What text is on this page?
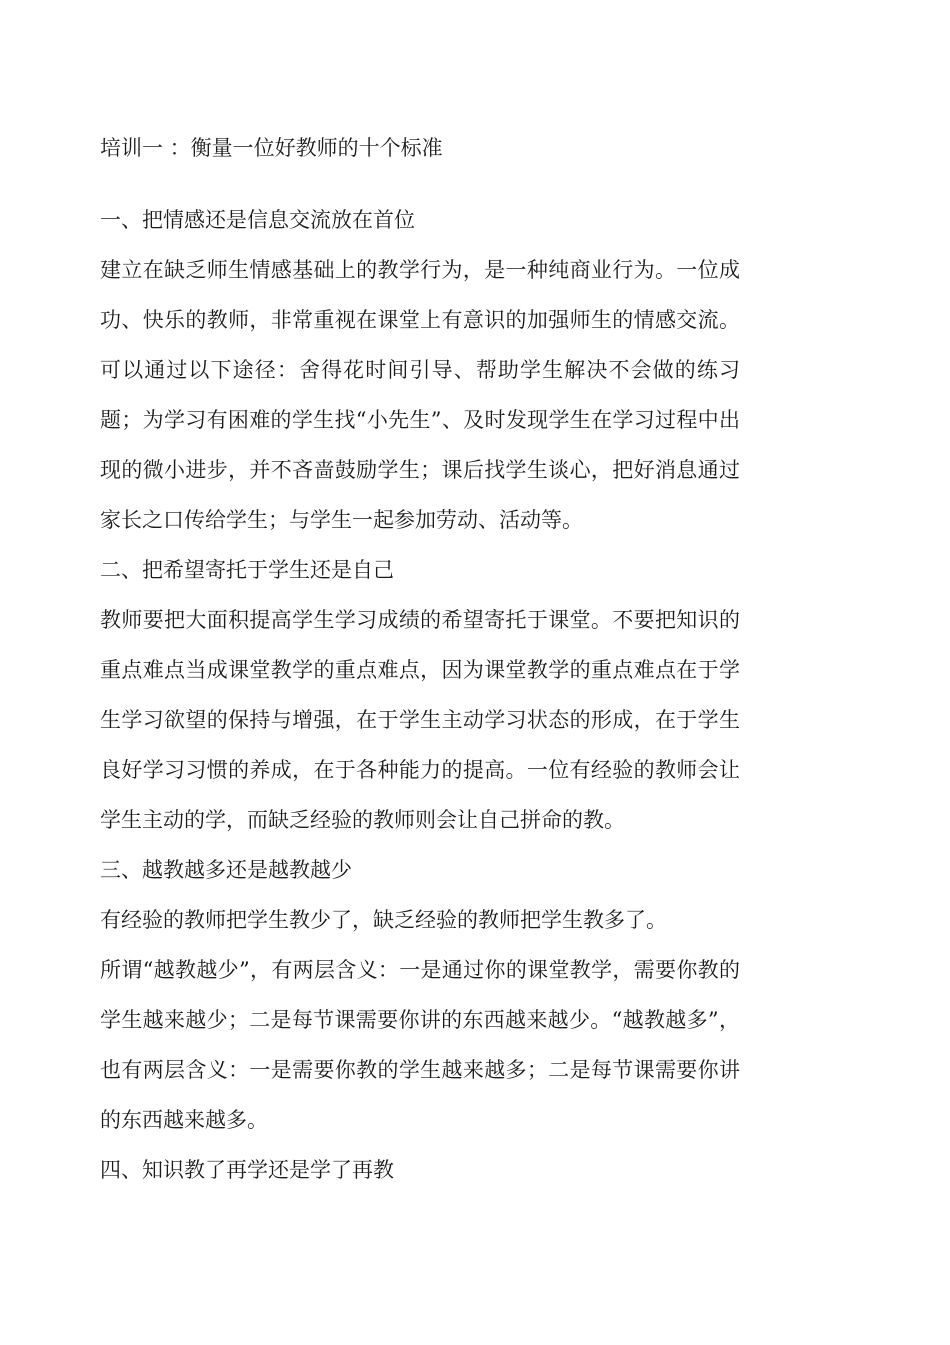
培训一 ：衡量一位好教师的十个标准

一、把情感还是信息交流放在首位

建立在缺乏师生情感基础上的教学行为，是一种纯商业行为。一位成功、快乐的教师，非常重视在课堂上有意识的加强师生的情感交流。可以通过以下途径：舍得花时间引导、帮助学生解决不会做的练习题；为学习有困难的学生找“小先生”、及时发现学生在学习过程中出现的微小进步，并不吝啬鼓励学生；课后找学生谈心，把好消息通过家长之口传给学生；与学生一起参加劳动、活动等。

二、把希望寄托于学生还是自己

教师要把大面积提高学生学习成绩的希望寄托于课堂。不要把知识的重点难点当成课堂教学的重点难点，因为课堂教学的重点难点在于学生学习欲望的保持与增强，在于学生主动学习状态的形成，在于学生良好学习习惯的养成，在于各种能力的提高。一位有经验的教师会让学生主动的学，而缺乏经验的教师则会让自己拼命的教。

三、越教越多还是越教越少

有经验的教师把学生教少了，缺乏经验的教师把学生教多了。

所谓“越教越少”，有两层含义：一是通过你的课堂教学，需要你教的学生越来越少；二是每节课需要你讲的东西越来越少。“越教越多”，也有两层含义：一是需要你教的学生越来越多；二是每节课需要你讲的东西越来越多。

四、知识教了再学还是学了再教
